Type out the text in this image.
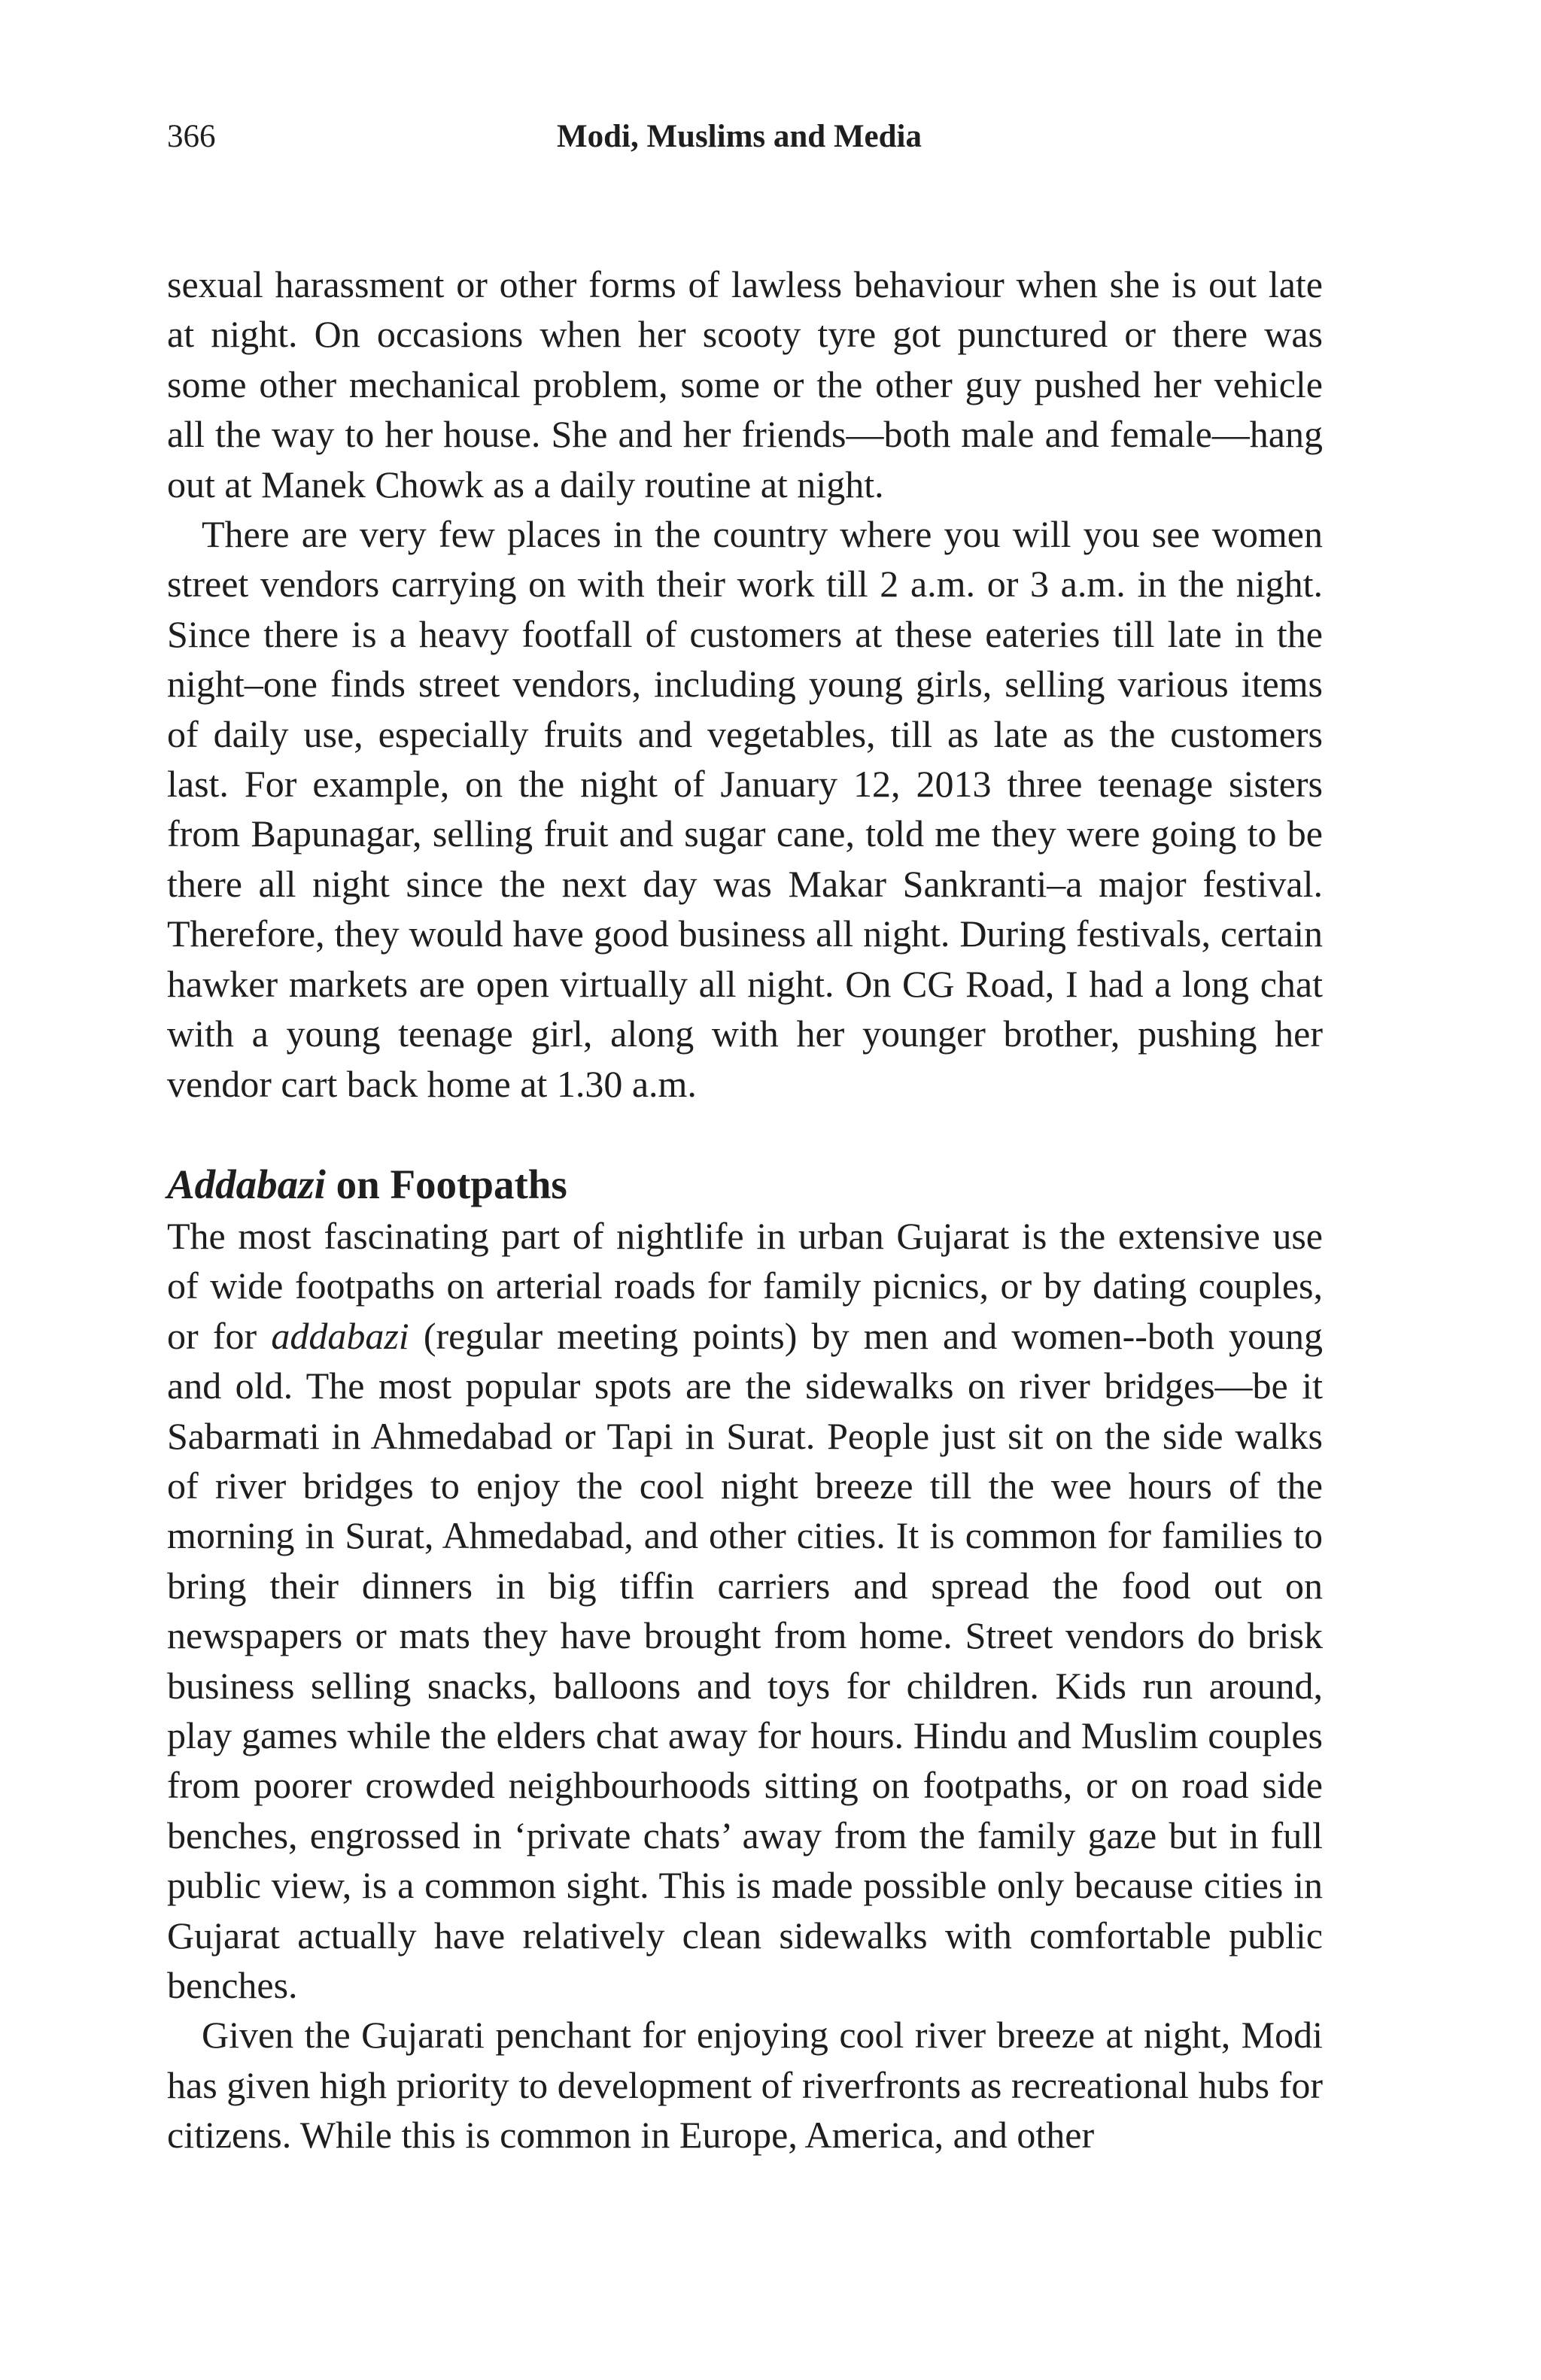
366	Modi, Muslims and Media

sexual harassment or other forms of lawless behaviour when she is out late at night. On occasions when her scooty tyre got punctured or there was some other mechanical problem, some or the other guy pushed her vehicle all the way to her house. She and her friends—both male and female—hang out at Manek Chowk as a daily routine at night.

There are very few places in the country where you will you see women street vendors carrying on with their work till 2 a.m. or 3 a.m. in the night. Since there is a heavy footfall of customers at these eateries till late in the night–one finds street vendors, including young girls, selling various items of daily use, especially fruits and vegetables, till as late as the customers last. For example, on the night of January 12, 2013 three teenage sisters from Bapunagar, selling fruit and sugar cane, told me they were going to be there all night since the next day was Makar Sankranti–a major festival. Therefore, they would have good business all night. During festivals, certain hawker markets are open virtually all night. On CG Road, I had a long chat with a young teenage girl, along with her younger brother, pushing her vendor cart back home at 1.30 a.m.

Addabazi on Footpaths

The most fascinating part of nightlife in urban Gujarat is the extensive use of wide footpaths on arterial roads for family picnics, or by dating couples, or for addabazi (regular meeting points) by men and women--both young and old. The most popular spots are the sidewalks on river bridges—be it Sabarmati in Ahmedabad or Tapi in Surat. People just sit on the side walks of river bridges to enjoy the cool night breeze till the wee hours of the morning in Surat, Ahmedabad, and other cities. It is common for families to bring their dinners in big tiffin carriers and spread the food out on newspapers or mats they have brought from home. Street vendors do brisk business selling snacks, balloons and toys for children. Kids run around, play games while the elders chat away for hours. Hindu and Muslim couples from poorer crowded neighbourhoods sitting on footpaths, or on road side benches, engrossed in ‘private chats’ away from the family gaze but in full public view, is a common sight. This is made possible only because cities in Gujarat actually have relatively clean sidewalks with comfortable public benches.

Given the Gujarati penchant for enjoying cool river breeze at night, Modi has given high priority to development of riverfronts as recreational hubs for citizens. While this is common in Europe, America, and other
